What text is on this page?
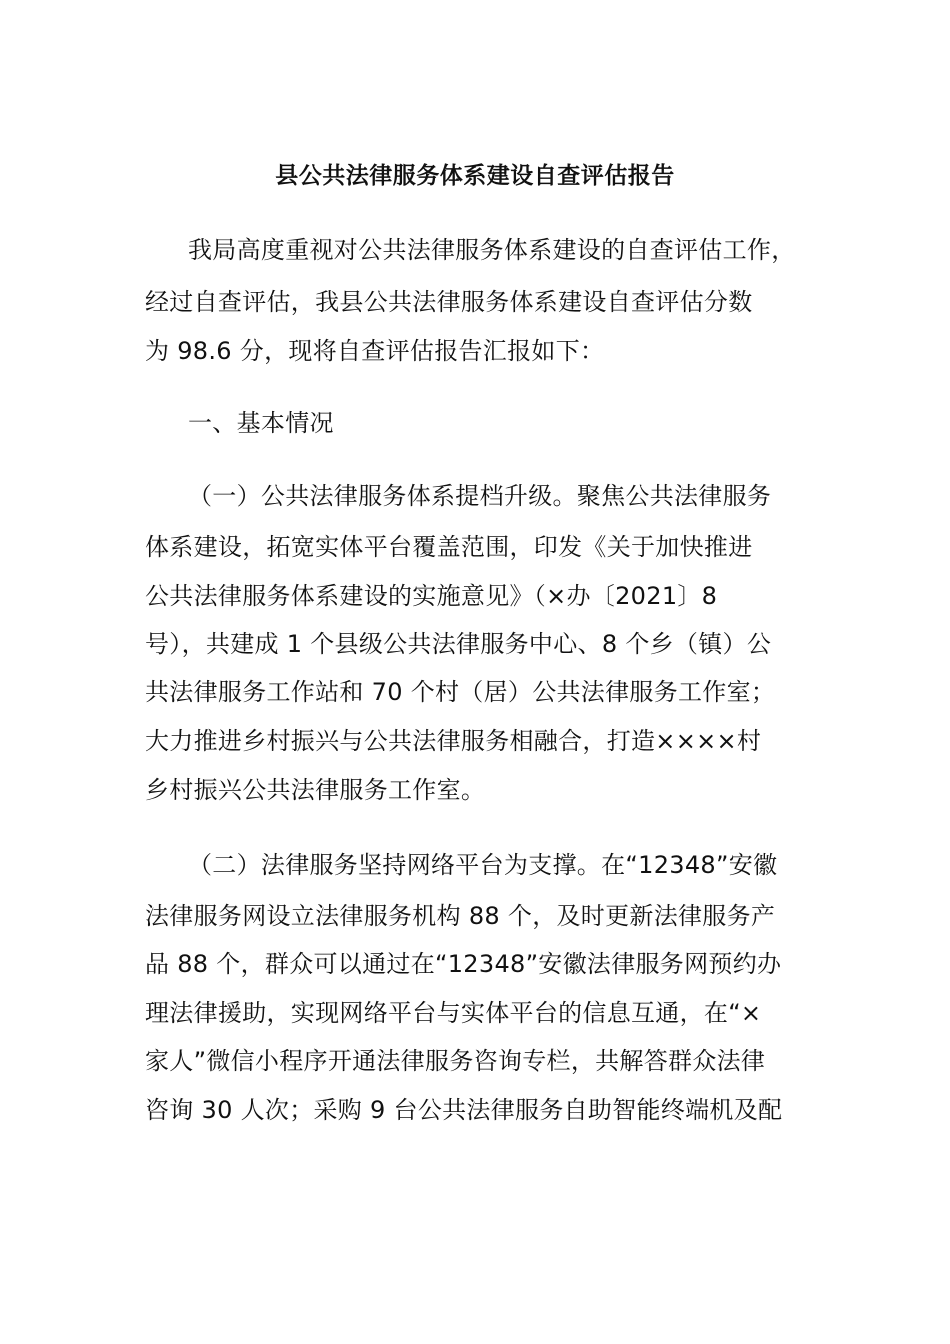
县公共法律服务体系建设自查评估报告
我局高度重视对公共法律服务体系建设的自查评估工作，
经过自查评估，我县公共法律服务体系建设自查评估分数
为 98.6 分，现将自查评估报告汇报如下：
一、基本情况
（一）公共法律服务体系提档升级。聚焦公共法律服务
体系建设，拓宽实体平台覆盖范围，印发《关于加快推进
公共法律服务体系建设的实施意见》（×办〔2021〕8
号），共建成 1 个县级公共法律服务中心、8 个乡（镇）公
共法律服务工作站和 70 个村（居）公共法律服务工作室；
大力推进乡村振兴与公共法律服务相融合，打造××××村
乡村振兴公共法律服务工作室。
（二）法律服务坚持网络平台为支撑。在“12348”安徽
法律服务网设立法律服务机构 88 个，及时更新法律服务产
品 88 个，群众可以通过在“12348”安徽法律服务网预约办
理法律援助，实现网络平台与实体平台的信息互通，在“×
家人”微信小程序开通法律服务咨询专栏，共解答群众法律
咨询 30 人次；采购 9 台公共法律服务自助智能终端机及配
